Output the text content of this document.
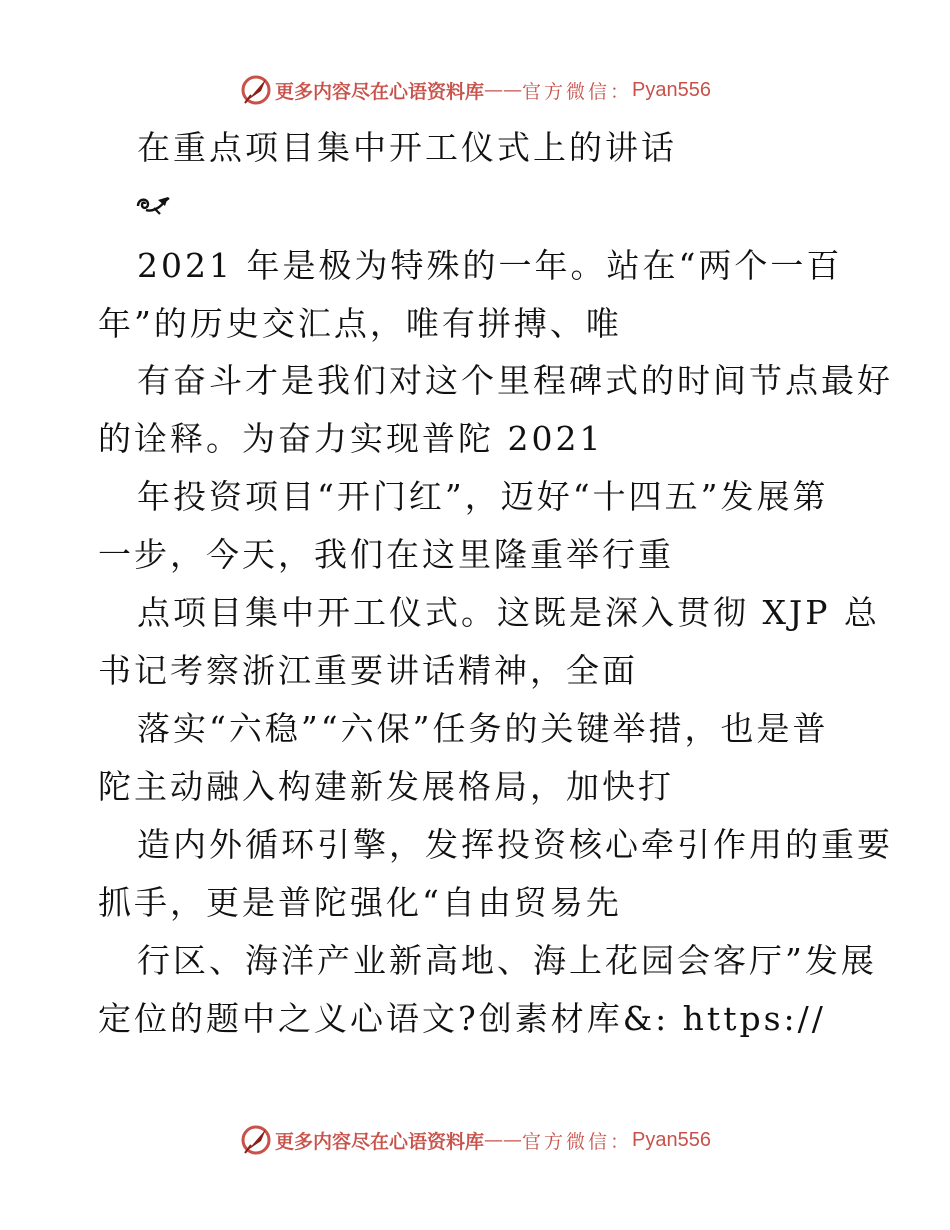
更多内容尽在心语资料库 —— 官方微信： Pyan556
在重点项目集中开工仪式上的讲话
2021 年是极为特殊的一年。站在“两个一百
年”的历史交汇点，唯有拼搏、唯
有奋斗才是我们对这个里程碑式的时间节点最好
的诠释。为奋力实现普陀 2021
年投资项目“开门红”，迈好“十四五”发展第
一步，今天，我们在这里隆重举行重
点项目集中开工仪式。这既是深入贯彻 XJP 总
书记考察浙江重要讲话精神，全面
落实“六稳”“六保”任务的关键举措，也是普
陀主动融入构建新发展格局，加快打
造内外循环引擎，发挥投资核心牵引作用的重要
抓手，更是普陀强化“自由贸易先
行区、海洋产业新高地、海上花园会客厅”发展
定位的题中之义心语文?创素材库&: https://
更多内容尽在心语资料库 —— 官方微信： Pyan556
